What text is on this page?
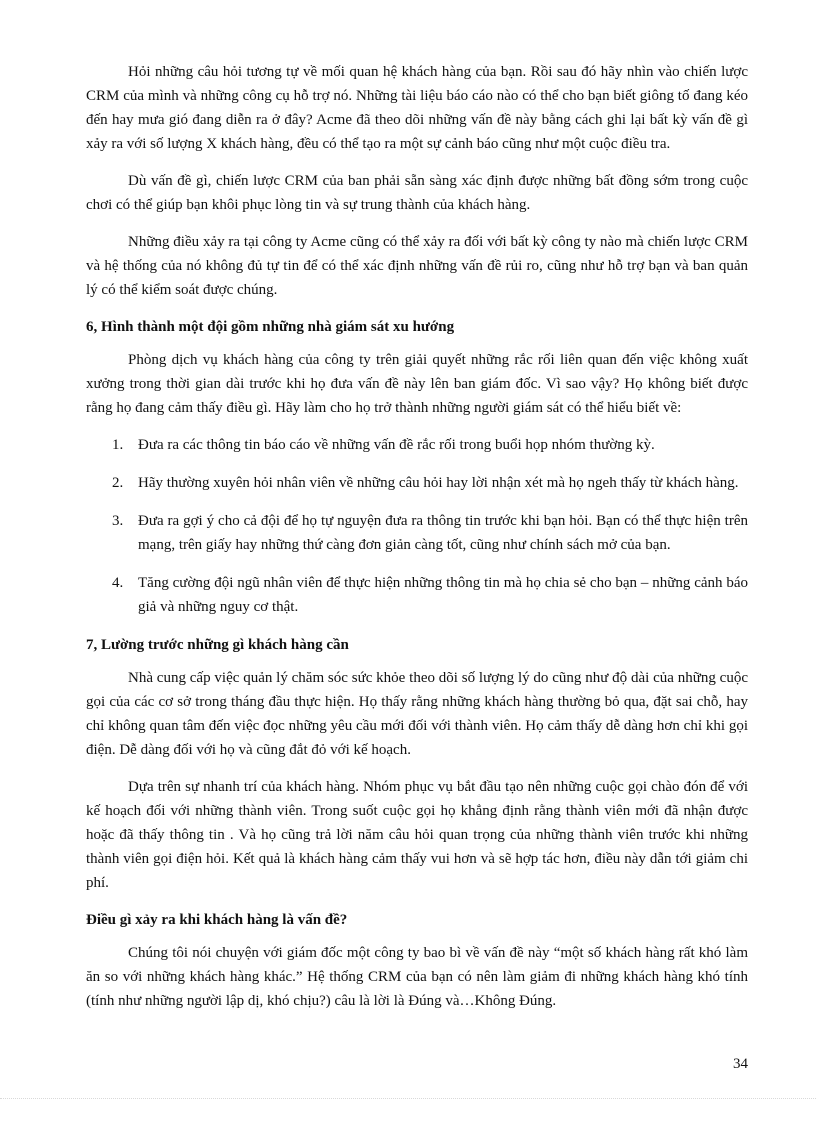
Hỏi những câu hỏi tương tự về mối quan hệ khách hàng của bạn. Rồi sau đó hãy nhìn vào chiến lược CRM của mình và những công cụ hỗ trợ nó. Những tài liệu báo cáo nào có thể cho bạn biết giông tố đang kéo đến hay mưa gió đang diễn ra ở đây? Acme đã theo dõi những vấn đề này bằng cách ghi lại bất kỳ vấn đề gì xảy ra với số lượng X khách hàng, đều có thể tạo ra một sự cảnh báo cũng như một cuộc điều tra.

Dù vấn đề gì, chiến lược CRM của ban phải sẵn sàng xác định được những bất đồng sớm trong cuộc chơi có thể giúp bạn khôi phục lòng tin và sự trung thành của khách hàng.

Những điều xảy ra tại công ty Acme cũng có thể xảy ra đối với bất kỳ công ty nào mà chiến lược CRM và hệ thống của nó không đủ tự tin để có thể xác định những vấn đề rủi ro, cũng như hỗ trợ bạn và ban quản lý có thể kiểm soát được chúng.

6, Hình thành một đội gồm những nhà giám sát xu hướng

Phòng dịch vụ khách hàng của công ty trên giải quyết những rắc rối liên quan đến việc không xuất xưởng trong thời gian dài trước khi họ đưa vấn đề này lên ban giám đốc. Vì sao vậy? Họ không biết được rằng họ đang cảm thấy điều gì. Hãy làm cho họ trở thành những người giám sát có thể hiểu biết về:

1. Đưa ra các thông tin báo cáo về những vấn đề rắc rối trong buổi họp nhóm thường kỳ.
2. Hãy thường xuyên hỏi nhân viên về những câu hỏi hay lời nhận xét mà họ ngeh thấy từ khách hàng.
3. Đưa ra gợi ý cho cả đội để họ tự nguyện đưa ra thông tin trước khi bạn hỏi. Bạn có thể thực hiện trên mạng, trên giấy hay những thứ càng đơn giản càng tốt, cũng như chính sách mở của bạn.
4. Tăng cường đội ngũ nhân viên để thực hiện những thông tin mà họ chia sẻ cho bạn – những cảnh báo giả và những nguy cơ thật.
7, Lường trước những gì khách hàng cần

Nhà cung cấp việc quản lý chăm sóc sức khỏe theo dõi số lượng lý do cũng như độ dài của những cuộc gọi của các cơ sở trong tháng đầu thực hiện. Họ thấy rằng những khách hàng thường bỏ qua, đặt sai chỗ, hay chỉ không quan tâm đến việc đọc những yêu cầu mới đối với thành viên. Họ cảm thấy dễ dàng hơn chỉ khi gọi điện. Dễ dàng đối với họ và cũng đắt đỏ với kế hoạch.

Dựa trên sự nhanh trí của khách hàng. Nhóm phục vụ bắt đầu tạo nên những cuộc gọi chào đón để với kế hoạch đối với những thành viên. Trong suốt cuộc gọi họ khẳng định rằng thành viên mới đã nhận được hoặc đã thấy thông tin . Và họ cũng trả lời năm câu hỏi quan trọng của những thành viên trước khi những thành viên gọi điện hỏi. Kết quả là khách hàng cảm thấy vui hơn và sẽ hợp tác hơn, điều này dẫn tới giảm chi phí.

Điều gì xảy ra khi khách hàng là vấn đề?

Chúng tôi nói chuyện với giám đốc một công ty bao bì về vấn đề này “một số khách hàng rất khó làm ăn so với những khách hàng khác.” Hệ thống CRM của bạn có nên làm giảm đi những khách hàng khó tính (tính như những người lập dị, khó chịu?) câu là lời là Đúng và…Không Đúng.

34
